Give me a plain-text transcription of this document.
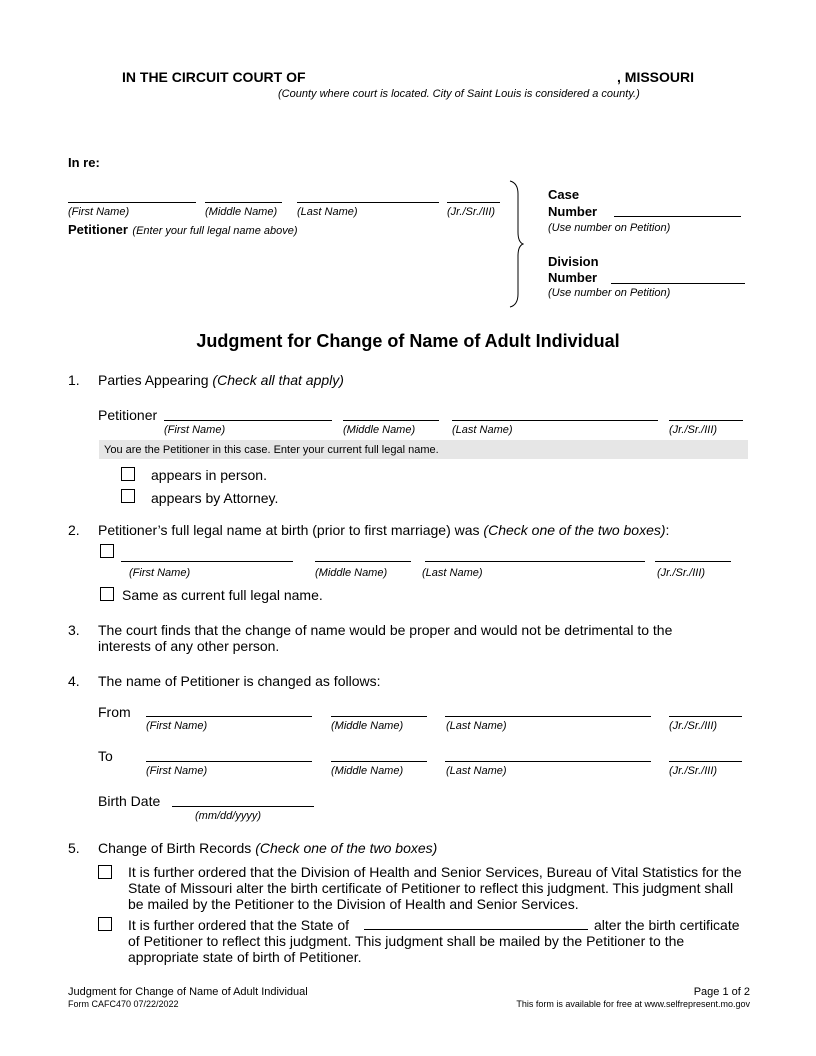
IN THE CIRCUIT COURT OF	, MISSOURI
(County where court is located. City of Saint Louis is considered a county.)
In re:
(First Name)	(Middle Name) (Last Name)	(Jr./Sr./III)
Petitioner (Enter your full legal name above)
Case
Number
(Use number on Petition)
Division
Number
(Use number on Petition)
Judgment for Change of Name of Adult Individual
1. Parties Appearing (Check all that apply)
Petitioner
(First Name)	(Middle Name)	(Last Name)	(Jr./Sr./III)
You are the Petitioner in this case. Enter your current full legal name.
appears in person.
appears by Attorney.
2. Petitioner’s full legal name at birth (prior to first marriage) was (Check one of the two boxes):
(First Name)	(Middle Name)	(Last Name)	(Jr./Sr./III)
Same as current full legal name.
3. The court finds that the change of name would be proper and would not be detrimental to the interests of any other person.
4. The name of Petitioner is changed as follows:
From
(First Name)	(Middle Name)	(Last Name)	(Jr./Sr./III)
To
(First Name)	(Middle Name)	(Last Name)	(Jr./Sr./III)
Birth Date
(mm/dd/yyyy)
5. Change of Birth Records (Check one of the two boxes)
It is further ordered that the Division of Health and Senior Services, Bureau of Vital Statistics for the State of Missouri alter the birth certificate of Petitioner to reflect this judgment. This judgment shall be mailed by the Petitioner to the Division of Health and Senior Services.
It is further ordered that the State of	alter the birth certificate
of Petitioner to reflect this judgment. This judgment shall be mailed by the Petitioner to the appropriate state of birth of Petitioner.
Judgment for Change of Name of Adult Individual
Form CAFC470 07/22/2022
Page 1 of 2
This form is available for free at www.selfrepresent.mo.gov
